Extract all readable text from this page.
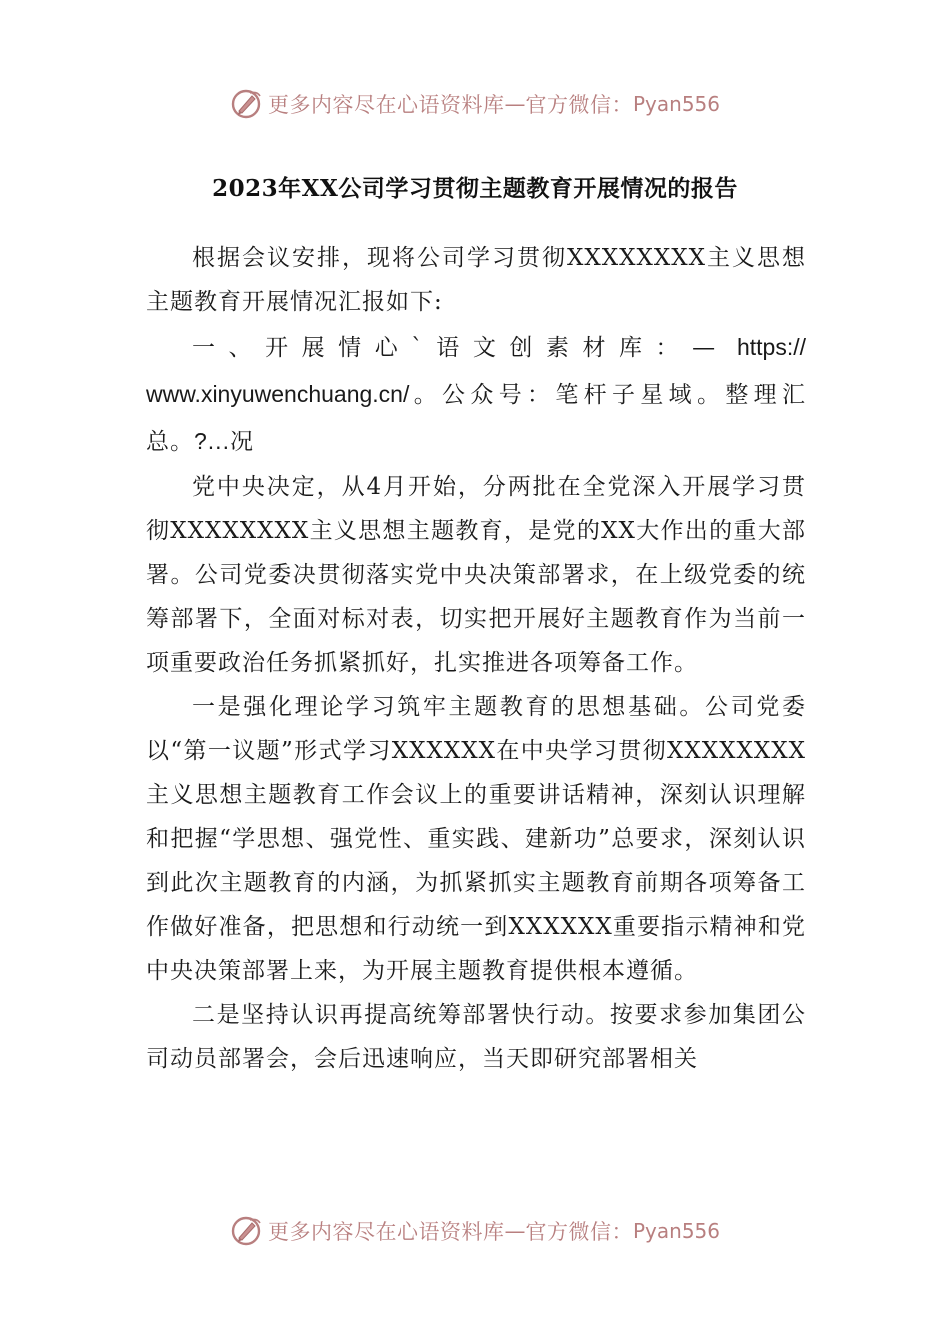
更多内容尽在心语资料库 — 官方微信： Pyan556
2023年XX公司学习贯彻主题教育开展情况的报告

根据会议安排，现将公司学习贯彻XXXXXXXX主义思想主题教育开展情况汇报如下:

一、开展情心`语文创素材库：— https://
www.xinyuwenchuang.cn/。公众号：笔杆子星域。整理汇
总。?...况

党中央决定，从4月开始，分两批在全党深入开展学习贯彻XXXXXXXX主义思想主题教育，是党的XX大作出的重大部署。公司党委决贯彻落实党中央决策部署求，在上级党委的统筹部署下，全面对标对表，切实把开展好主题教育作为当前一项重要政治任务抓紧抓好，扎实推进各项筹备工作。

一是强化理论学习筑牢主题教育的思想基础。公司党委以“第一议题”形式学习XXXXXX在中央学习贯彻XXXXXXXX主义思想主题教育工作会议上的重要讲话精神，深刻认识理解和把握“学思想、强党性、重实践、建新功”总要求，深刻认识到此次主题教育的内涵，为抓紧抓实主题教育前期各项筹备工作做好准备，把思想和行动统一到XXXXXX重要指示精神和党中央决策部署上来，为开展主题教育提供根本遵循。

二是坚持认识再提高统筹部署快行动。按要求参加集团公司动员部署会，会后迅速响应，当天即研究部署相关

更多内容尽在心语资料库 — 官方微信： Pyan556
